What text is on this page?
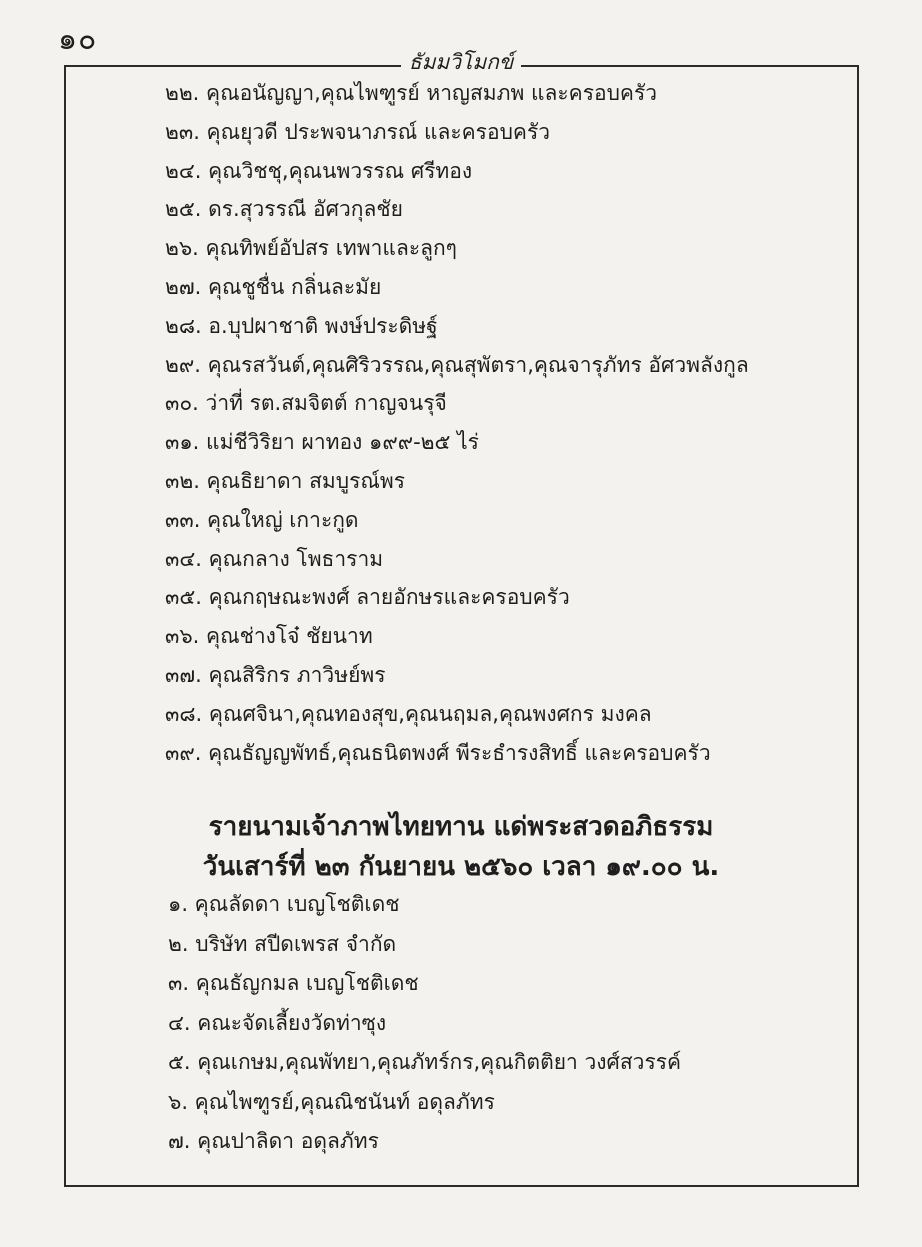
๑๐
ธัมมวิโมกข์
๒๒. คุณอนัญญา,คุณไพฑูรย์ หาญสมภพ และครอบครัว
๒๓. คุณยุวดี ประพจนาภรณ์ และครอบครัว
๒๔. คุณวิชชุ,คุณนพวรรณ ศรีทอง
๒๕. ดร.สุวรรณี อัศวกุลชัย
๒๖. คุณทิพย์อัปสร เทพาและลูกๆ
๒๗. คุณชูชื่น กลิ่นละมัย
๒๘. อ.บุปผาชาติ พงษ์ประดิษฐ์
๒๙. คุณรสวันต์,คุณศิริวรรณ,คุณสุพัตรา,คุณจารุภัทร อัศวพลังกูล
๓๐. ว่าที่ รต.สมจิตต์ กาญจนรุจี
๓๑. แม่ชีวิริยา ผาทอง ๑๙๙-๒๕ ไร่
๓๒. คุณธิยาดา สมบูรณ์พร
๓๓. คุณใหญ่ เกาะกูด
๓๔. คุณกลาง โพธาราม
๓๕. คุณกฤษณะพงศ์ ลายอักษรและครอบครัว
๓๖. คุณช่างโจ๋ ชัยนาท
๓๗. คุณสิริกร ภาวิษย์พร
๓๘. คุณศจินา,คุณทองสุข,คุณนฤมล,คุณพงศกร มงคล
๓๙. คุณธัญญพัทธ์,คุณธนิตพงศ์ พีระธำรงสิทธิ์ และครอบครัว
รายนามเจ้าภาพไทยทาน แด่พระสวดอภิธรรม
วันเสาร์ที่ ๒๓ กันยายน ๒๕๖๐ เวลา ๑๙.๐๐ น.
๑. คุณลัดดา เบญโชติเดช
๒. บริษัท สปีดเพรส จำกัด
๓. คุณธัญกมล เบญโชติเดช
๔. คณะจัดเลี้ยงวัดท่าซุง
๕. คุณเกษม,คุณพัทยา,คุณภัทร์กร,คุณกิตติยา วงศ์สวรรค์
๖. คุณไพฑูรย์,คุณณิชนันท์ อดุลภัทร
๗. คุณปาลิดา อดุลภัทร
